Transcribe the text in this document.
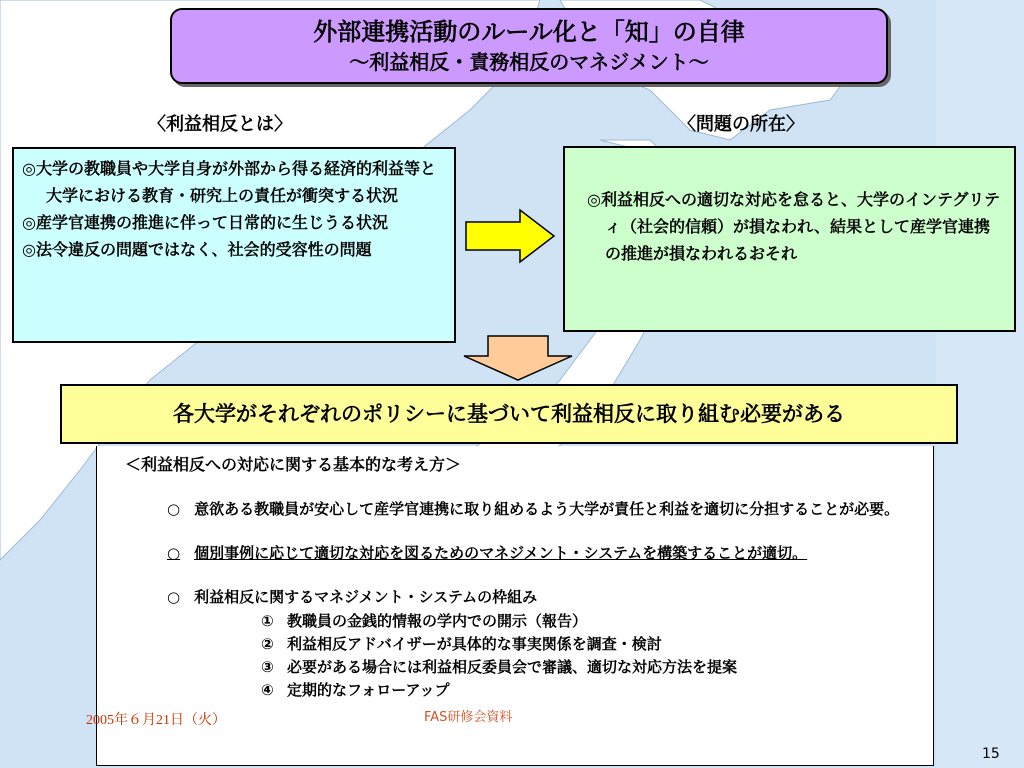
外部連携活動のルール化と「知」の自律
～利益相反・責務相反のマネジメント～
〈利益相反とは〉	〈問題の所在〉
◎大学の教職員や大学自身が外部から得る経済的利益等と大学における教育・研究上の責任が衝突する状況
◎産学官連携の推進に伴って日常的に生じうる状況
◎法令違反の問題ではなく、社会的受容性の問題
◎利益相反への適切な対応を怠ると、大学のインテグリティ（社会的信頼）が損なわれ、結果として産学官連携の推進が損なわれるおそれ
各大学がそれぞれのポリシーに基づいて利益相反に取り組む必要がある
＜利益相反への対応に関する基本的な考え方＞
○ 意欲ある教職員が安心して産学官連携に取り組めるよう大学が責任と利益を適切に分担することが必要。
○ 個別事例に応じて適切な対応を図るためのマネジメント・システムを構築することが適切。
○ 利益相反に関するマネジメント・システムの枠組み
① 教職員の金銭的情報の学内での開示（報告）
② 利益相反アドバイザーが具体的な事実関係を調査・検討
③ 必要がある場合には利益相反委員会で審議、適切な対応方法を提案
④ 定期的なフォローアップ
2005年６月21日（火）	FAS研修会資料
15
